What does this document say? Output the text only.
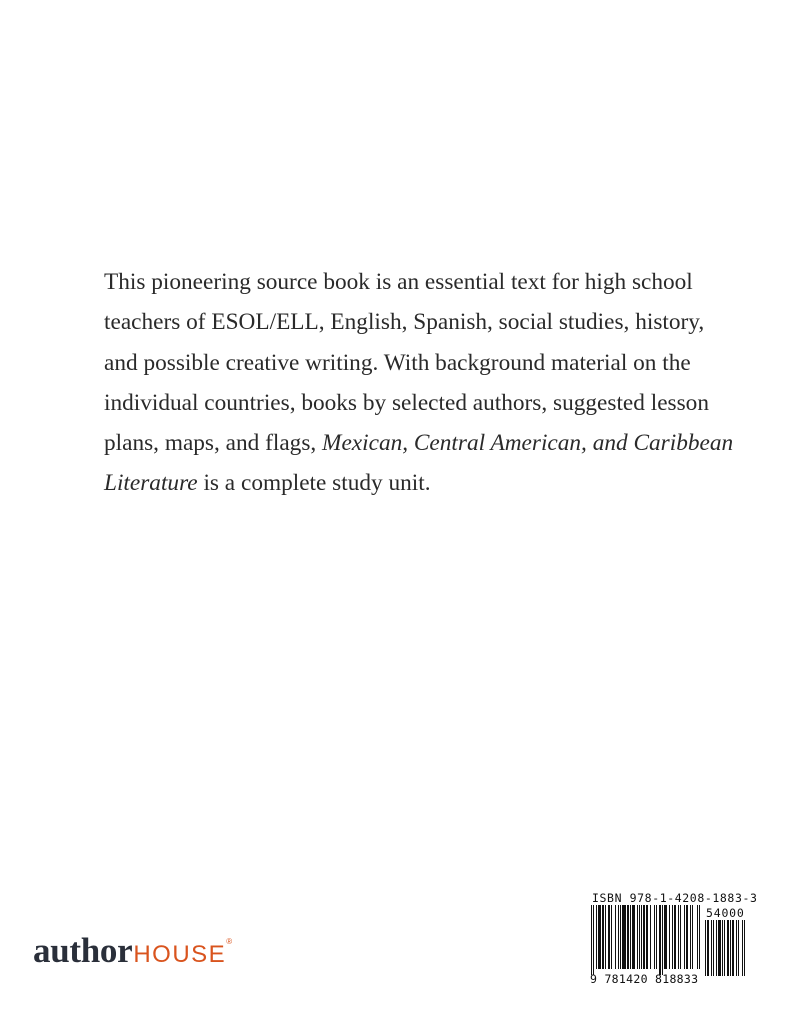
This pioneering source book is an essential text for high school
teachers of ESOL/ELL, English, Spanish, social studies, history,
and possible creative writing. With background material on the
individual countries, books by selected authors, suggested lesson
plans, maps, and flags, Mexican, Central American, and Caribbean
Literature is a complete study unit.
authorHOUSE®
ISBN 978-1-4208-1883-3
54000
9 781420 818833
